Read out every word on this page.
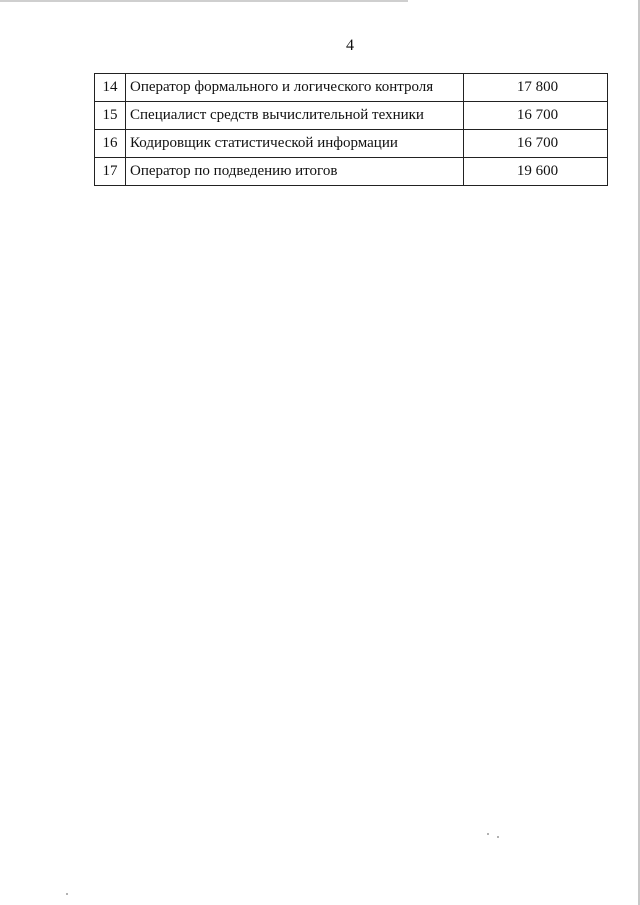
4
14	Оператор формального и логического контроля	17 800
15	Специалист средств вычислительной техники	16 700
16	Кодировщик статистической информации	16 700
17	Оператор по подведению итогов	19 600
